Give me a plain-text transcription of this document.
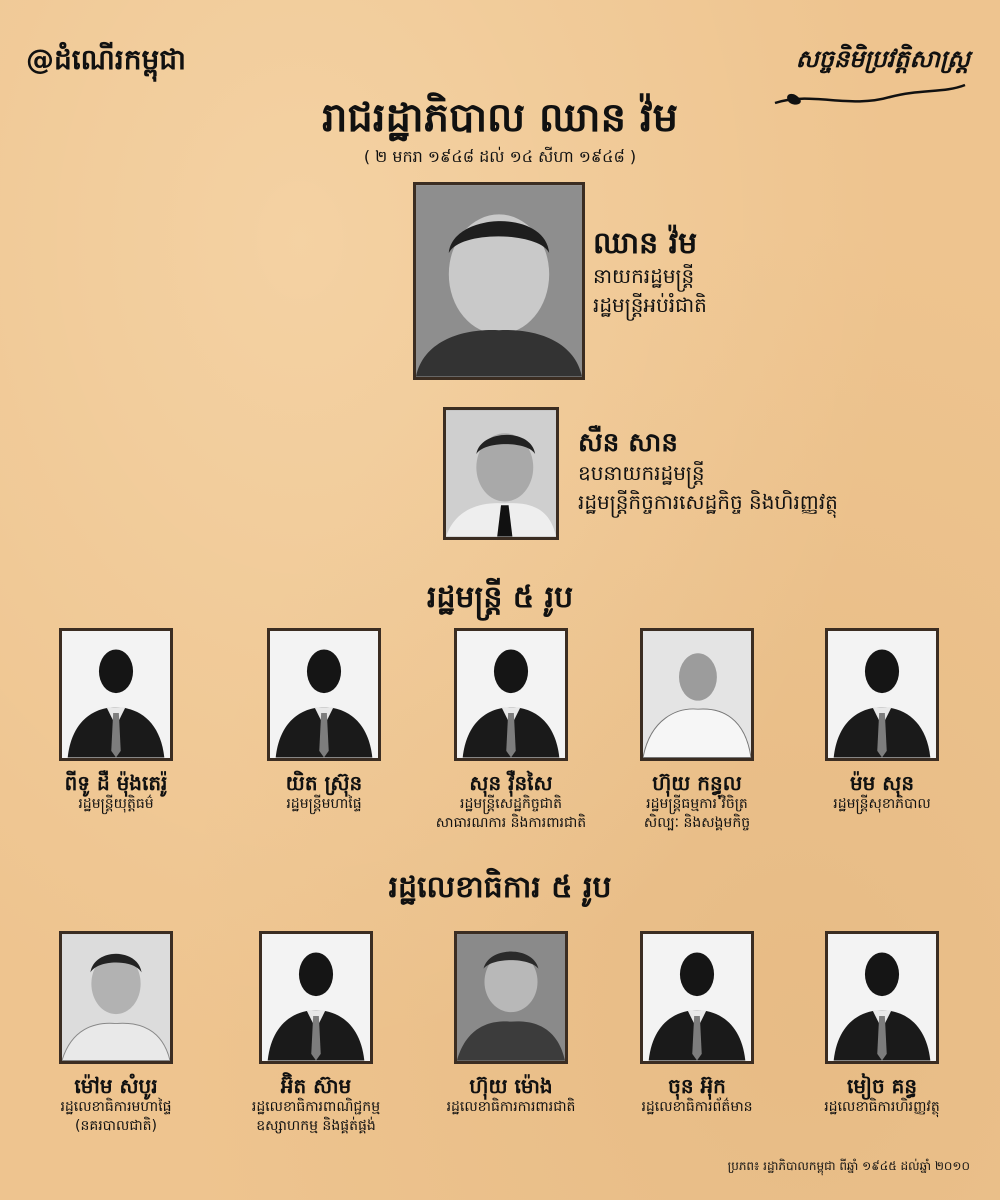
@ដំណើរកម្ពុជា	សច្ចនិមិប្រវត្តិសាស្ត្រ
រាជរដ្ឋាភិបាល ឈាន វ៉ម
( ២ មករា ១៩៤៨ ដល់ ១៤ សីហា ១៩៤៨ )
ឈាន វ៉ម
នាយករដ្ឋមន្ត្រី
រដ្ឋមន្ត្រីអប់រំជាតិ
សឺន សាន
ឧបនាយករដ្ឋមន្ត្រី
រដ្ឋមន្ត្រីកិច្ចការសេដ្ឋកិច្ច និងហិរញ្ញវត្ថុ
រដ្ឋមន្ត្រី ៥ រូប
ពីទូ ដឺ ម៉ុងតេរ៉ូ
រដ្ឋមន្ត្រីយុត្តិធម៌
យិត ស្រ៊ុន
រដ្ឋមន្ត្រីមហាផ្ទៃ
សុន វ៉ឺនសៃ
រដ្ឋមន្ត្រីសេដ្ឋកិច្ចជាតិ
សាធារណការ និងការពារជាតិ
ហ៊ុយ កន្ធុល
រដ្ឋមន្ត្រីធម្មការ វិចិត្រ
សិល្បៈ និងសង្គមកិច្ច
ម៉ម សុន
រដ្ឋមន្ត្រីសុខាភិបាល
រដ្ឋលេខាធិការ ៥ រូប
ម៉ៅម សំបូរ
រដ្ឋលេខាធិការមហាផ្ទៃ
(នគរបាលជាតិ)
អ៊ិត ស៊ាម
រដ្ឋលេខាធិការពាណិជ្ជកម្ម
ឧស្សាហកម្ម និងផ្គត់ផ្គង់
ហ៊ុយ ម៉ោង
រដ្ឋលេខាធិការការពារជាតិ
ចុន អ៊ុក
រដ្ឋលេខាធិការព័ត៌មាន
មៀច គន្ធ
រដ្ឋលេខាធិការហិរញ្ញវត្ថុ
ប្រភព៖ រដ្ឋាភិបាលកម្ពុជា ពីឆ្នាំ ១៩៤៥ ដល់ឆ្នាំ ២០១០
